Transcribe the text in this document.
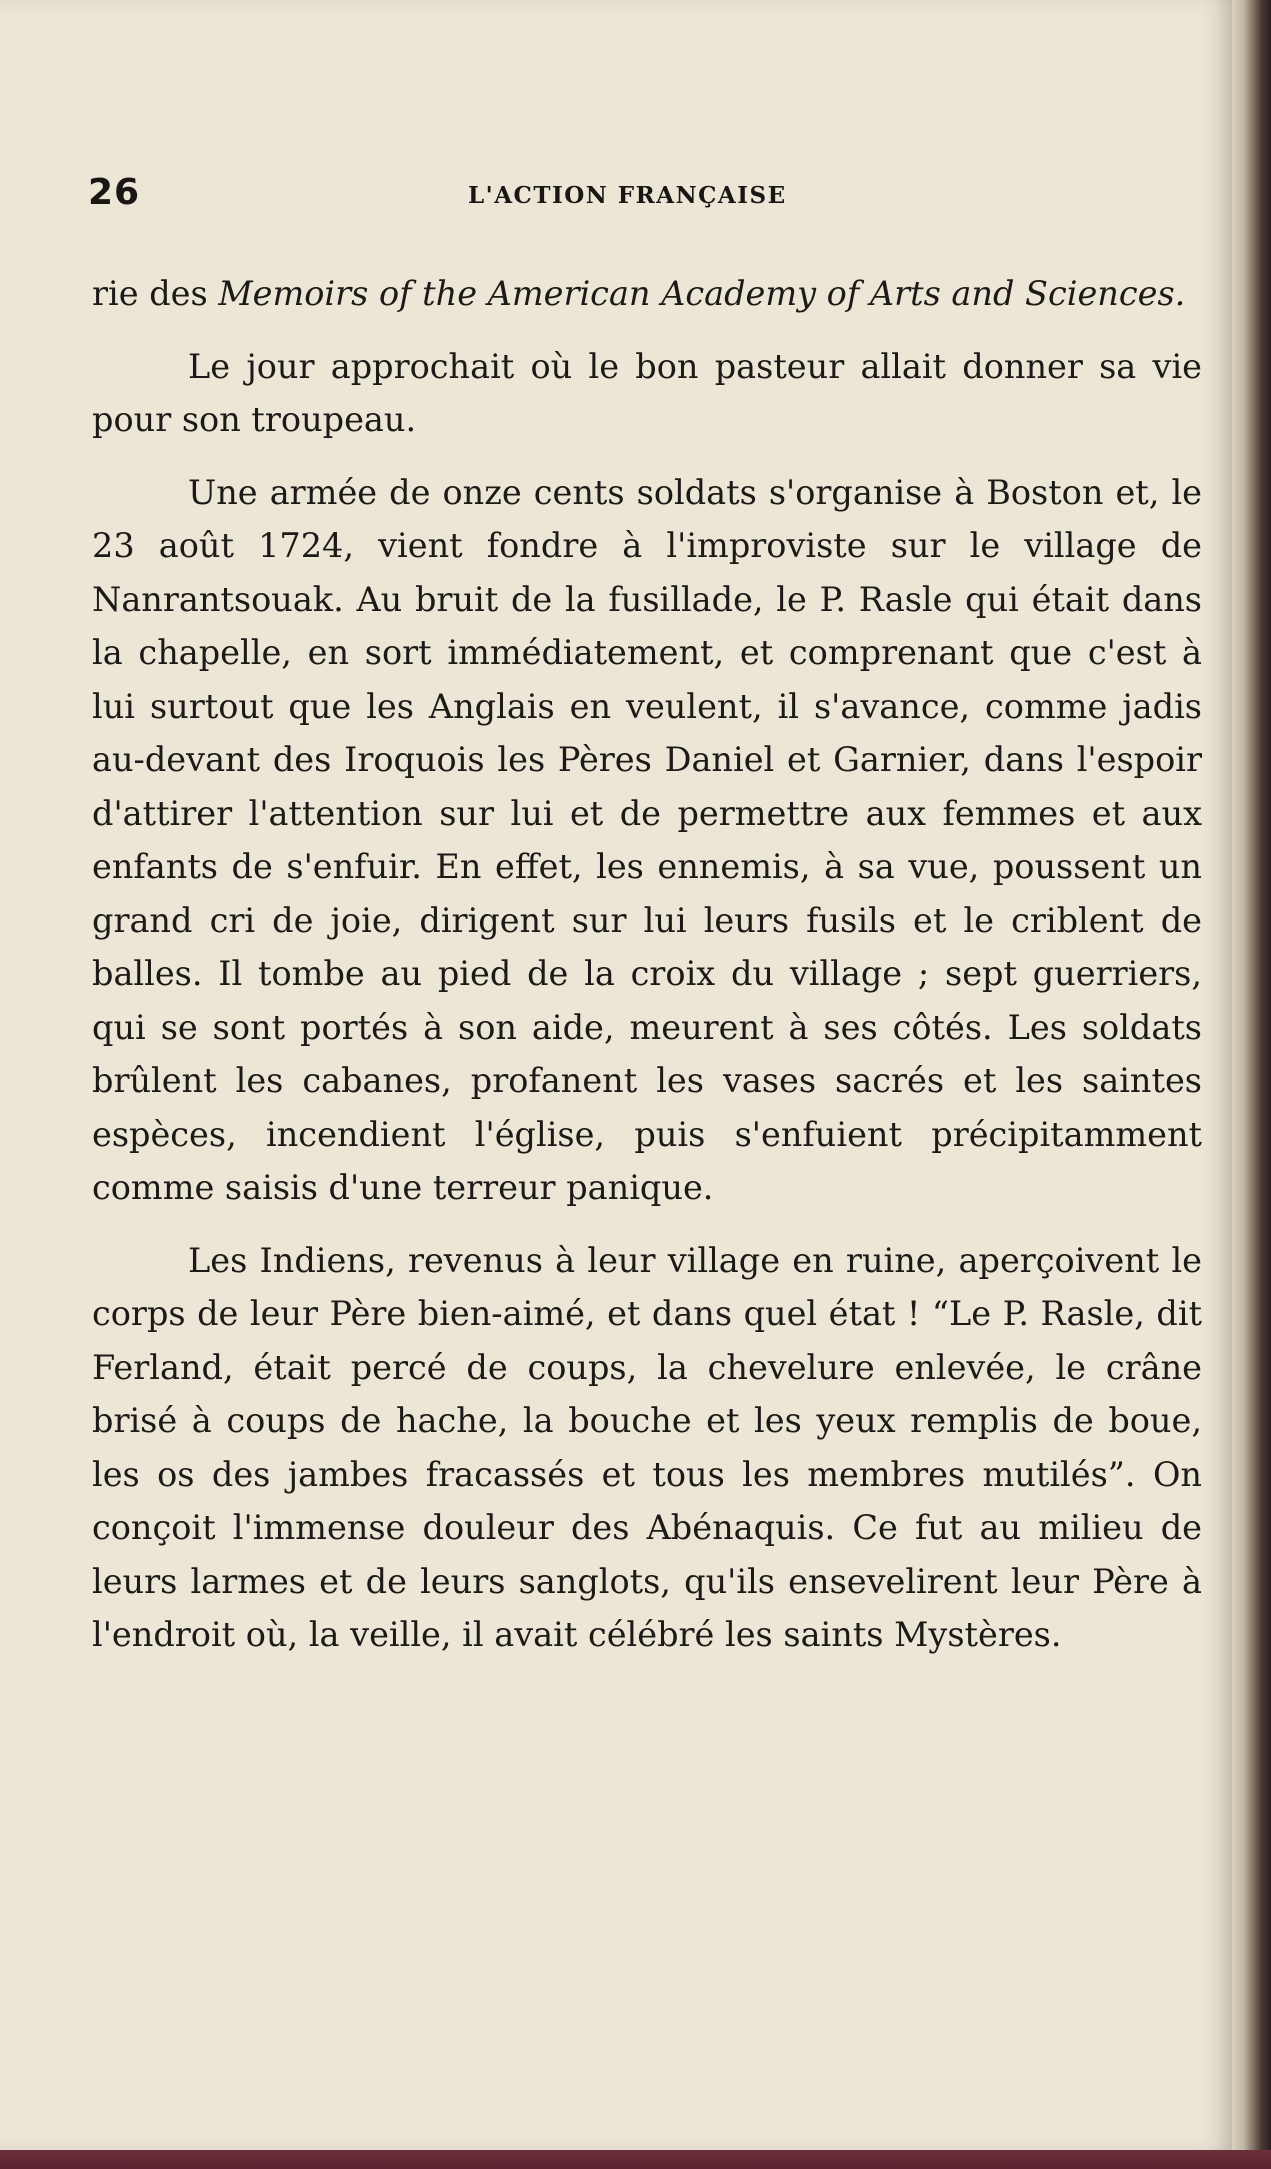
26	L'ACTION FRANÇAISE

rie des Memoirs of the American Academy of Arts and Sciences.

Le jour approchait où le bon pasteur allait donner sa vie pour son troupeau.

Une armée de onze cents soldats s'organise à Boston et, le 23 août 1724, vient fondre à l'improviste sur le village de Nanrantsouak. Au bruit de la fusillade, le P. Rasle qui était dans la chapelle, en sort immédiatement, et comprenant que c'est à lui surtout que les Anglais en veulent, il s'avance, comme jadis au-devant des Iroquois les Pères Daniel et Garnier, dans l'espoir d'attirer l'attention sur lui et de permettre aux femmes et aux enfants de s'enfuir. En effet, les ennemis, à sa vue, poussent un grand cri de joie, dirigent sur lui leurs fusils et le criblent de balles. Il tombe au pied de la croix du village ; sept guerriers, qui se sont portés à son aide, meurent à ses côtés. Les soldats brûlent les cabanes, profanent les vases sacrés et les saintes espèces, incendient l'église, puis s'enfuient précipitamment comme saisis d'une terreur panique.

Les Indiens, revenus à leur village en ruine, aperçoivent le corps de leur Père bien-aimé, et dans quel état ! “Le P. Rasle, dit Ferland, était percé de coups, la chevelure enlevée, le crâne brisé à coups de hache, la bouche et les yeux remplis de boue, les os des jambes fracassés et tous les membres mutilés”. On conçoit l'immense douleur des Abénaquis. Ce fut au milieu de leurs larmes et de leurs sanglots, qu'ils ensevelirent leur Père à l'endroit où, la veille, il avait célébré les saints Mystères.
